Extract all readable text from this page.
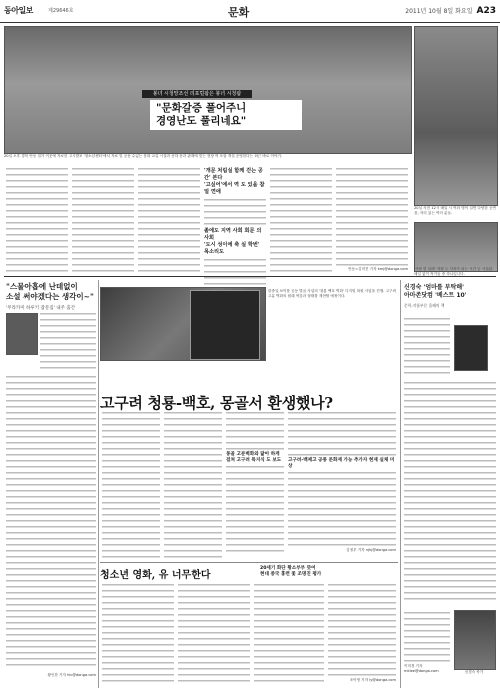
동아일보	제29646호	문화	2011년 10월 8일 화요일 A23
봉녀 시청망조선 리포럴팜은 봉녀 시청팜
"문화갈증 풀어주니
경영난도 풀리네요"
20일 오후 경북 안동 밀가 이웃에 자료한 고시발조 '청소년센터'에서 자료 및 공동 수있는 문화 교류 시설과 산하 문과 관계에 맞는 현장 여 포함 개설 운영한다는 최근 바로 이야기.
20일 사진 12시 매일 시 여러 명이 걸면 다양한 공연을, 자리 있는 여러 분들.
'사랑 한 입에' 자원 두 사자가 되는 시간 등 시설관. 매일 없이 작가들 중 하나입니다.
'개문 처림실 함께 걷는 공간' 본다
'고싶어'에서 역 도 있을 참 얼 연애
졸에도 지역 사회 회문 의 사회
'도시 성이에 축 실 학번' 목소리도
안동=김미진 기자 kmj@donga.com
"스물아홉에 난데없이
소설 써야겠다는 생각이~"
'무라카미 하루키 잡문집' 내주 출간
황인찬 기자 hic@donga.com
한중일 보이를 공동 발굴 사업의 '청룡 백호 벽화' 디지털 복원 사업을 진행. 고구려 고분 벽화의 원래 색감과 형태를 재현할 예정이다.
고구려 청룡-백호, 몽골서 환생했나?
몽골 고분벽화와 닮아 하게 걸쳐 고구려 특지식 도 보도	고구려-백제고 공통 문화재 가능 추가자 현재 실체 미상
김정우 기자 njhj@donga.com
청소년 영화, 유 너무한다
20세기 화단 황소부부 뜻어
현대 중국 홍련 꽃 조명진 평가
조이영 기자 ly@donga.com
신경숙 '엄마를 부탁해'
아마존닷컴 '베스트 10'
문학-작품부문 올해의 책
이미경 기자 mklee@donga.com	신경숙 작가
